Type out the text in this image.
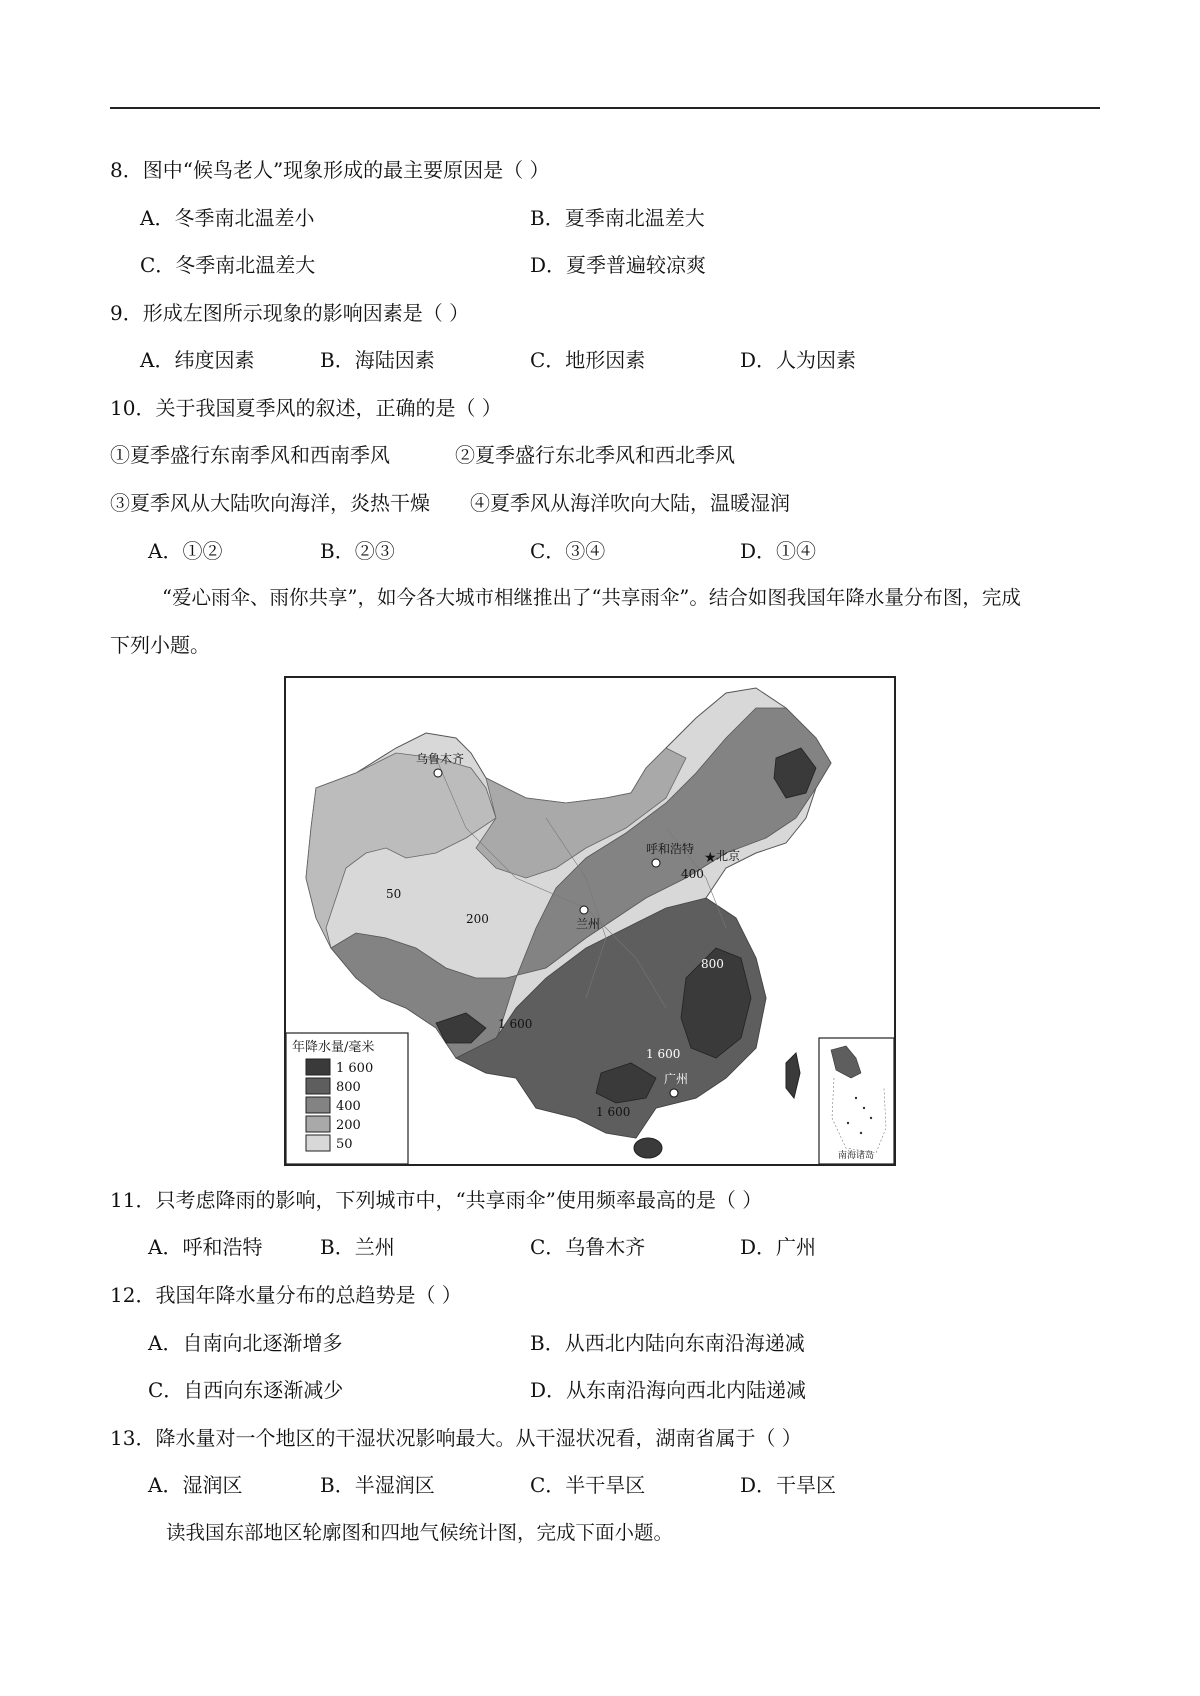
8．图中“候鸟老人”现象形成的最主要原因是（ ）
A．冬季南北温差小	B．夏季南北温差大
C．冬季南北温差大	D．夏季普遍较凉爽
9．形成左图所示现象的影响因素是（ ）
A．纬度因素	B．海陆因素	C．地形因素	D．人为因素
10．关于我国夏季风的叙述，正确的是（ ）
①夏季盛行东南季风和西南季风	②夏季盛行东北季风和西北季风
③夏季风从大陆吹向海洋，炎热干燥 ④夏季风从海洋吹向大陆，温暖湿润
A．①②	B．②③	C．③④	D．①④
“爱心雨伞、雨你共享”，如今各大城市相继推出了“共享雨伞”。结合如图我国年降水量分布图，完成
下列小题。
乌鲁木齐
呼和浩特
★ 北京
兰州
广州
50
200
400
800
1 600
1 600
1 600
年降水量/毫米
1 600
800
400
200
50
南海诸岛
11．只考虑降雨的影响，下列城市中，“共享雨伞”使用频率最高的是（ ）
A．呼和浩特	B．兰州	C．乌鲁木齐	D．广州
12．我国年降水量分布的总趋势是（ ）
A．自南向北逐渐增多	B．从西北内陆向东南沿海递减
C．自西向东逐渐减少	D．从东南沿海向西北内陆递减
13．降水量对一个地区的干湿状况影响最大。从干湿状况看，湖南省属于（ ）
A．湿润区	B．半湿润区	C．半干旱区	D．干旱区
读我国东部地区轮廓图和四地气候统计图，完成下面小题。
